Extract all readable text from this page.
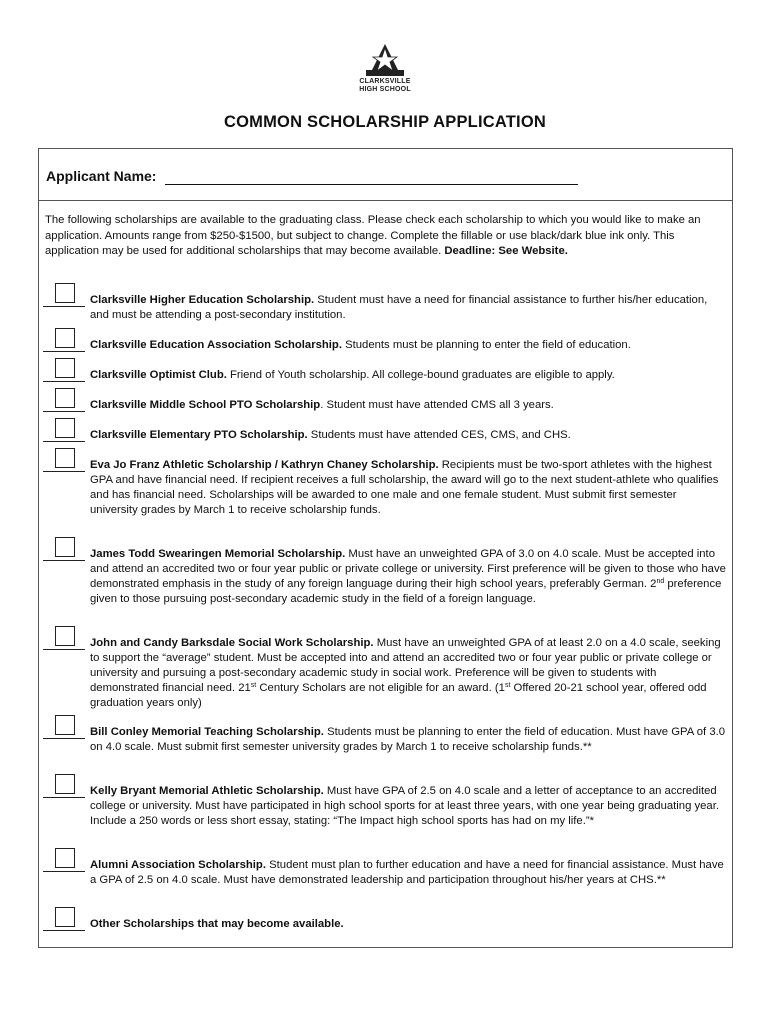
CLARKSVILLE
HIGH SCHOOL
COMMON SCHOLARSHIP APPLICATION
Applicant Name:
The following scholarships are available to the graduating class. Please check each scholarship to which you would like to make an application. Amounts range from $250-$1500, but subject to change. Complete the fillable or use black/dark blue ink only. This application may be used for additional scholarships that may become available. Deadline: See Website.
Clarksville Higher Education Scholarship. Student must have a need for financial assistance to further his/her education, and must be attending a post-secondary institution.
Clarksville Education Association Scholarship. Students must be planning to enter the field of education.
Clarksville Optimist Club. Friend of Youth scholarship. All college-bound graduates are eligible to apply.
Clarksville Middle School PTO Scholarship. Student must have attended CMS all 3 years.
Clarksville Elementary PTO Scholarship. Students must have attended CES, CMS, and CHS.
Eva Jo Franz Athletic Scholarship / Kathryn Chaney Scholarship. Recipients must be two-sport athletes with the highest GPA and have financial need. If recipient receives a full scholarship, the award will go to the next student-athlete who qualifies and has financial need. Scholarships will be awarded to one male and one female student. Must submit first semester university grades by March 1 to receive scholarship funds.
James Todd Swearingen Memorial Scholarship. Must have an unweighted GPA of 3.0 on 4.0 scale. Must be accepted into and attend an accredited two or four year public or private college or university. First preference will be given to those who have demonstrated emphasis in the study of any foreign language during their high school years, preferably German. 2nd preference given to those pursuing post-secondary academic study in the field of a foreign language.
John and Candy Barksdale Social Work Scholarship. Must have an unweighted GPA of at least 2.0 on a 4.0 scale, seeking to support the “average” student. Must be accepted into and attend an accredited two or four year public or private college or university and pursuing a post-secondary academic study in social work. Preference will be given to students with demonstrated financial need. 21st Century Scholars are not eligible for an award. (1st Offered 20-21 school year, offered odd graduation years only)
Bill Conley Memorial Teaching Scholarship. Students must be planning to enter the field of education. Must have GPA of 3.0 on 4.0 scale. Must submit first semester university grades by March 1 to receive scholarship funds.**
Kelly Bryant Memorial Athletic Scholarship. Must have GPA of 2.5 on 4.0 scale and a letter of acceptance to an accredited college or university. Must have participated in high school sports for at least three years, with one year being graduating year. Include a 250 words or less short essay, stating: “The Impact high school sports has had on my life.”*
Alumni Association Scholarship. Student must plan to further education and have a need for financial assistance. Must have a GPA of 2.5 on 4.0 scale. Must have demonstrated leadership and participation throughout his/her years at CHS.**
Other Scholarships that may become available.
